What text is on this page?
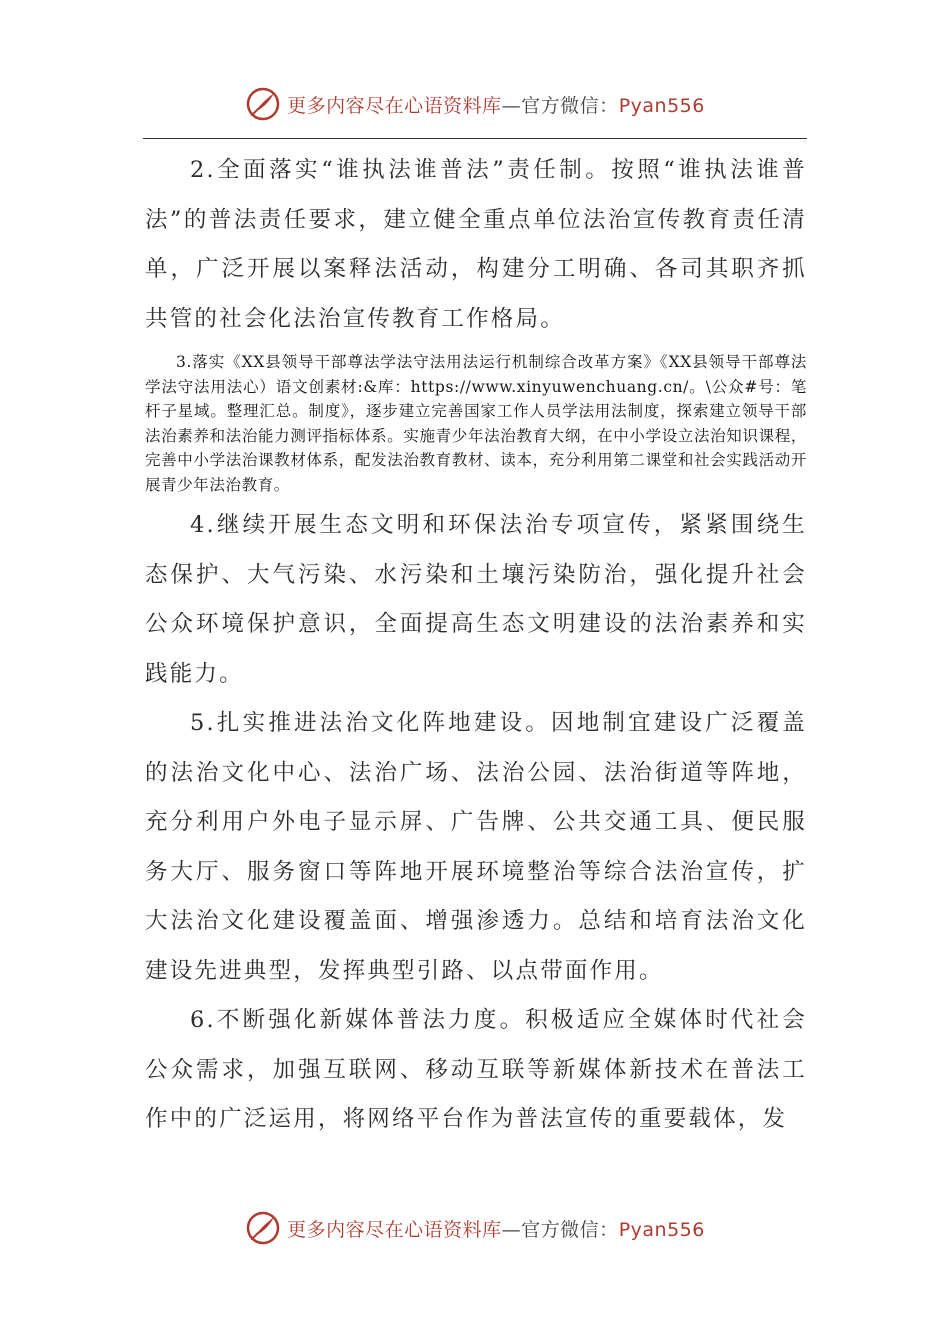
更多内容尽在心语资料库—官方微信：Pyan556

2.全面落实“谁执法谁普法”责任制。按照“谁执法谁普法”的普法责任要求，建立健全重点单位法治宣传教育责任清单，广泛开展以案释法活动，构建分工明确、各司其职齐抓共管的社会化法治宣传教育工作格局。

3.落实《XX县领导干部尊法学法守法用法运行机制综合改革方案》《XX县领导干部尊法学法守法用法心）语文创素材:&库：https://www.xinyuwenchuang.cn/。\公众#号：笔杆子星域。整理汇总。制度》，逐步建立完善国家工作人员学法用法制度，探索建立领导干部法治素养和法治能力测评指标体系。实施青少年法治教育大纲，在中小学设立法治知识课程，完善中小学法治课教材体系，配发法治教育教材、读本，充分利用第二课堂和社会实践活动开展青少年法治教育。

4.继续开展生态文明和环保法治专项宣传，紧紧围绕生态保护、大气污染、水污染和土壤污染防治，强化提升社会公众环境保护意识，全面提高生态文明建设的法治素养和实践能力。

5.扎实推进法治文化阵地建设。因地制宜建设广泛覆盖的法治文化中心、法治广场、法治公园、法治街道等阵地，充分利用户外电子显示屏、广告牌、公共交通工具、便民服务大厅、服务窗口等阵地开展环境整治等综合法治宣传，扩大法治文化建设覆盖面、增强渗透力。总结和培育法治文化建设先进典型，发挥典型引路、以点带面作用。

6.不断强化新媒体普法力度。积极适应全媒体时代社会公众需求，加强互联网、移动互联等新媒体新技术在普法工作中的广泛运用，将网络平台作为普法宣传的重要载体，发

更多内容尽在心语资料库—官方微信：Pyan556
